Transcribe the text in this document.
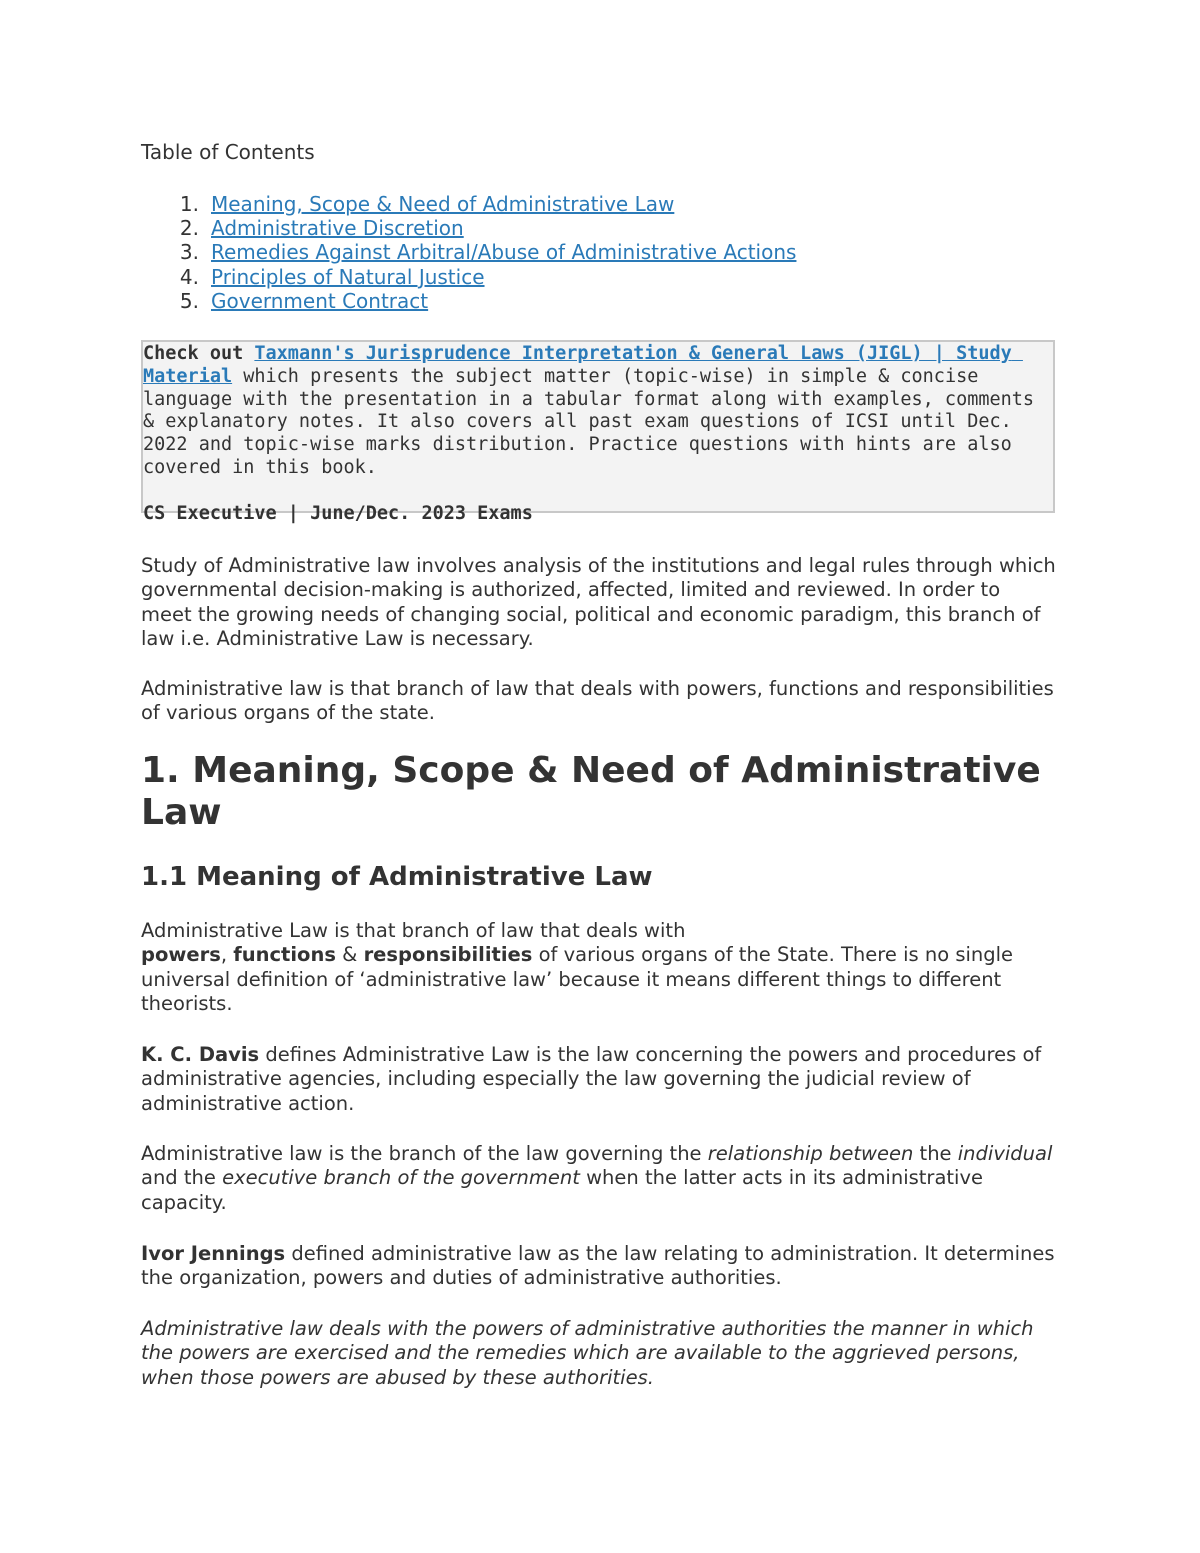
Table of Contents
1. Meaning, Scope & Need of Administrative Law
2. Administrative Discretion
3. Remedies Against Arbitral/Abuse of Administrative Actions
4. Principles of Natural Justice
5. Government Contract
Check out Taxmann's Jurisprudence Interpretation & General Laws (JIGL) | Study Material which presents the subject matter (topic-wise) in simple & concise language with the presentation in a tabular format along with examples, comments & explanatory notes. It also covers all past exam questions of ICSI until Dec. 2022 and topic-wise marks distribution. Practice questions with hints are also covered in this book.

CS Executive | June/Dec. 2023 Exams

Study of Administrative law involves analysis of the institutions and legal rules through which governmental decision-making is authorized, affected, limited and reviewed. In order to meet the growing needs of changing social, political and economic paradigm, this branch of law i.e. Administrative Law is necessary.

Administrative law is that branch of law that deals with powers, functions and responsibilities of various organs of the state.

1. Meaning, Scope & Need of Administrative Law
1.1 Meaning of Administrative Law

Administrative Law is that branch of law that deals with
powers, functions & responsibilities of various organs of the State. There is no single universal definition of ‘administrative law’ because it means different things to different theorists.

K. C. Davis defines Administrative Law is the law concerning the powers and procedures of administrative agencies, including especially the law governing the judicial review of administrative action.

Administrative law is the branch of the law governing the relationship between the individual and the executive branch of the government when the latter acts in its administrative capacity.

Ivor Jennings defined administrative law as the law relating to administration. It determines the organization, powers and duties of administrative authorities.

Administrative law deals with the powers of administrative authorities the manner in which the powers are exercised and the remedies which are available to the aggrieved persons, when those powers are abused by these authorities.
